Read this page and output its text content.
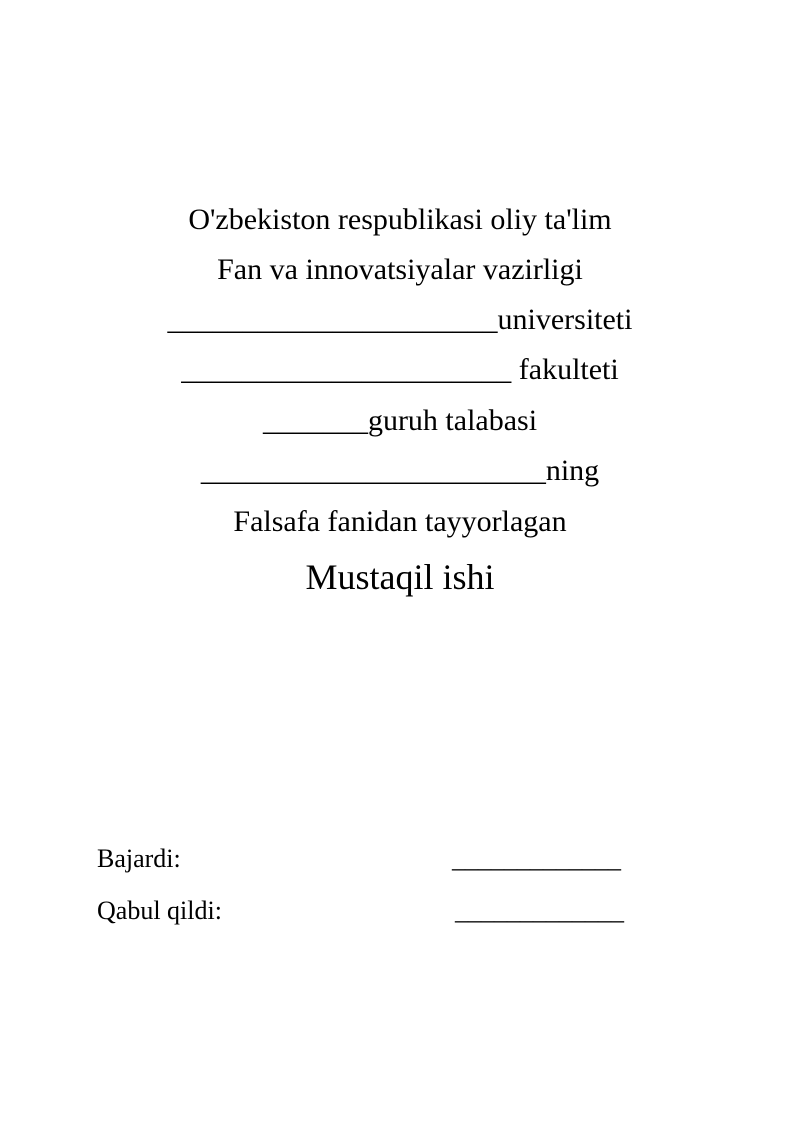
O'zbekiston respublikasi oliy ta'lim
Fan va innovatsiyalar vazirligi
______________________universiteti
______________________ fakulteti
_______guruh talabasi
_______________________ning
Falsafa fanidan tayyorlagan
Mustaqil ishi
Bajardi:	_____________
Qabul qildi:	_____________
